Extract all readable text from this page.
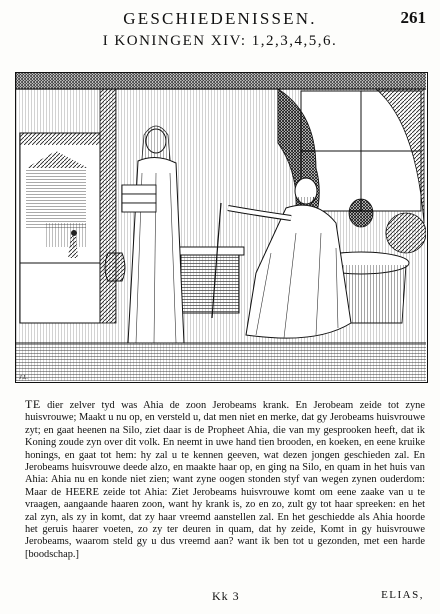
GESCHIEDENISSEN.	261
I KONINGEN XIV: 1,2,3,4,5,6.
J.L.

TE dier zelver tyd was Ahia de zoon Jerobeams krank. En Jerobeam zeide tot zyne huisvrouwe; Maakt u nu op, en versteld u, dat men niet en merke, dat gy Jerobeams huisvrouwe zyt; en gaat heenen na Silo, ziet daar is de Propheet Ahia, die van my gesprooken heeft, dat ik Koning zoude zyn over dit volk. En neemt in uwe hand tien brooden, en koeken, en eene kruike honings, en gaat tot hem: hy zal u te kennen geeven, wat dezen jongen geschieden zal. En Jerobeams huisvrouwe deede alzo, en maakte haar op, en ging na Silo, en quam in het huis van Ahia: Ahia nu en konde niet zien; want zyne oogen stonden styf van wegen zynen ouderdom: Maar de HEERE zeide tot Ahia: Ziet Jerobeams huisvrouwe komt om eene zaake van u te vraagen, aangaande haaren zoon, want hy krank is, zo en zo, zult gy tot haar spreeken: en het zal zyn, als zy in komt, dat zy haar vreemd aanstellen zal. En het geschiedde als Ahia hoorde het geruis haarer voeten, zo zy ter deuren in quam, dat hy zeide, Komt in gy huisvrouwe Jerobeams, waarom steld gy u dus vreemd aan? want ik ben tot u gezonden, met een harde [boodschap.]

Kk 3	ELIAS,
